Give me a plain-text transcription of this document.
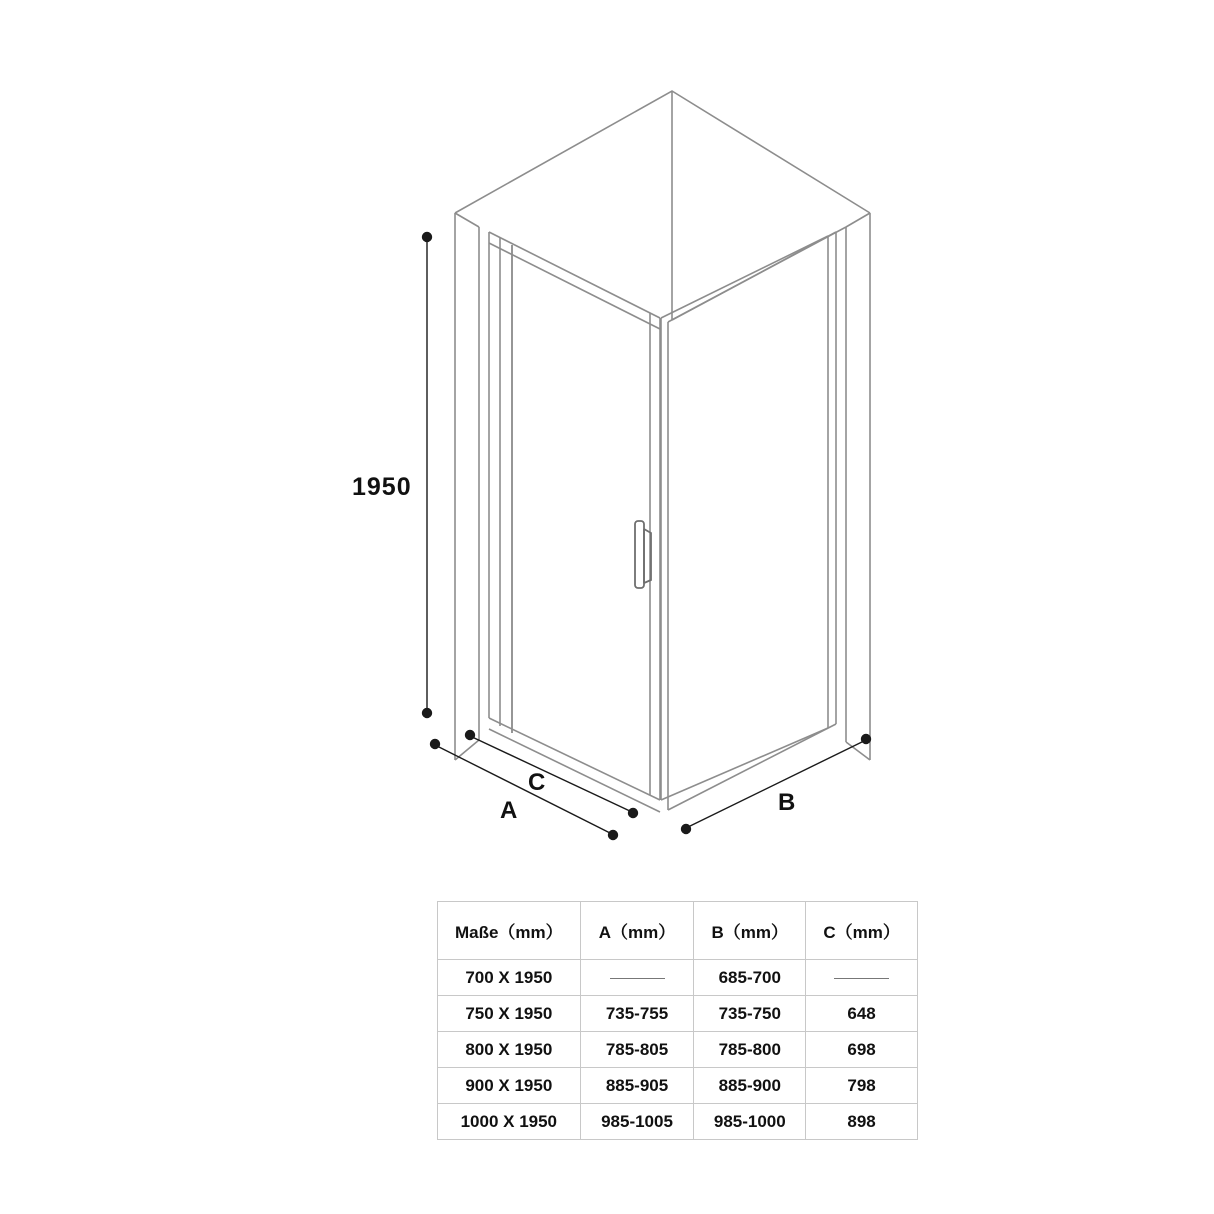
1950
A	B
C
Maße（mm）	A（mm）	B（mm）	C（mm）
700 X 1950		685-700	
750 X 1950	735-755	735-750	648
800 X 1950	785-805	785-800	698
900 X 1950	885-905	885-900	798
1000 X 1950	985-1005	985-1000	898
